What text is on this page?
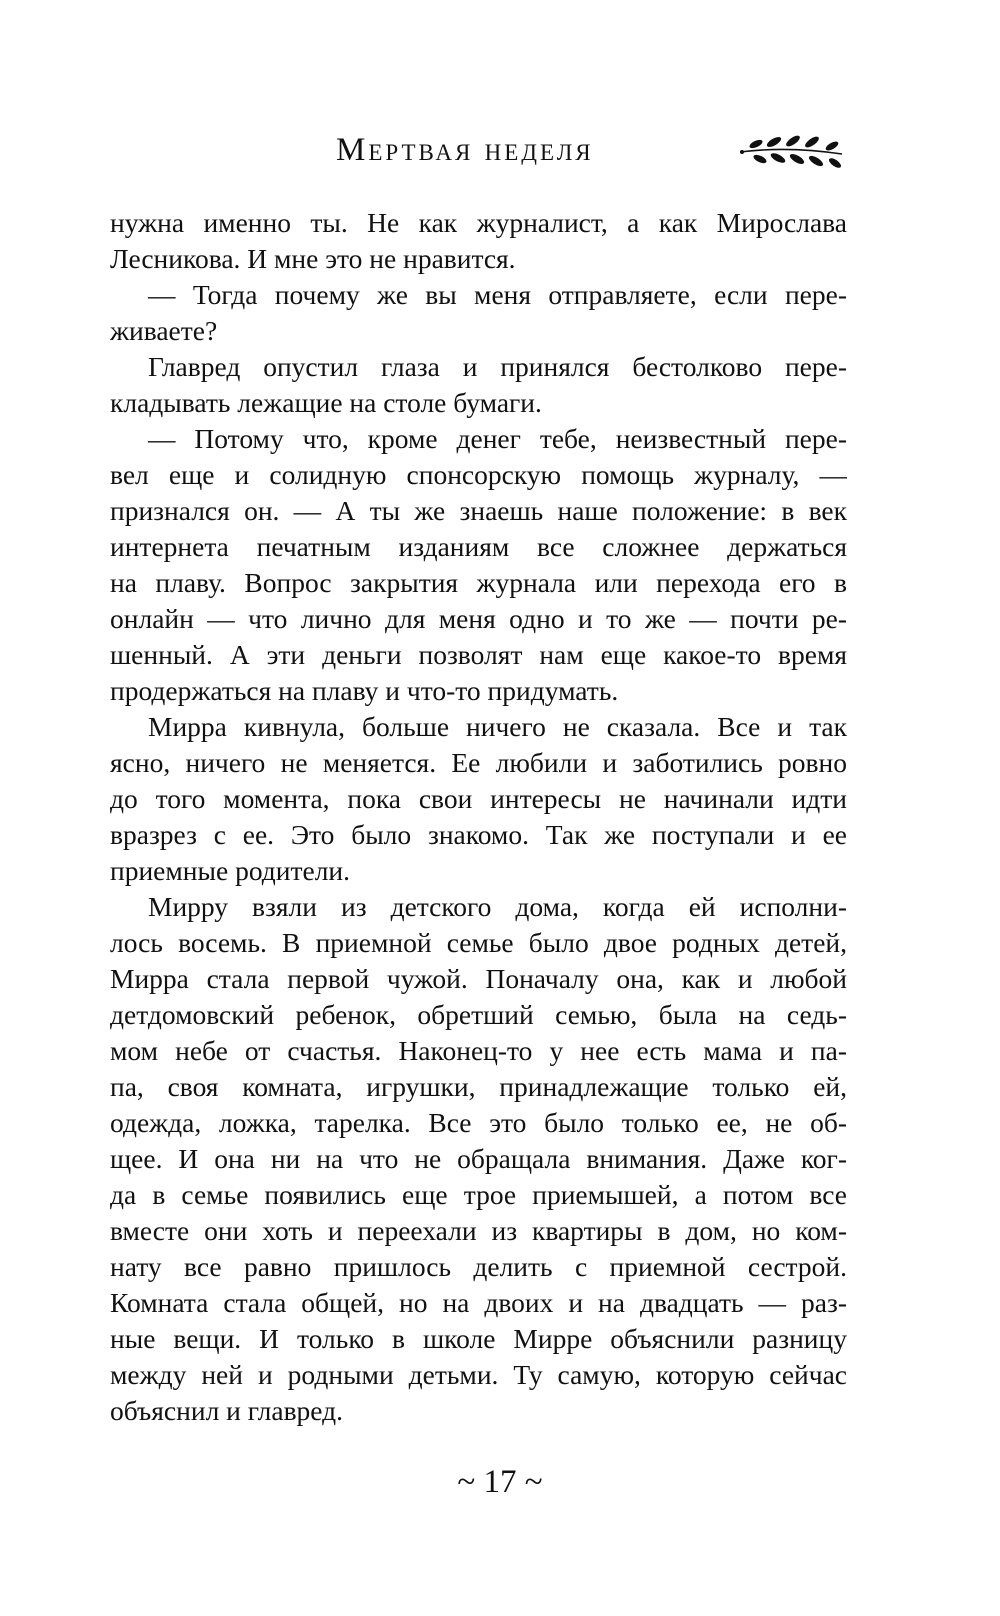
Мертвая неделя
нужна именно ты. Не как журналист, а как Мирослава
Лесникова. И мне это не нравится.
— Тогда почему же вы меня отправляете, если пере-
живаете?
Главред опустил глаза и принялся бестолково пере-
кладывать лежащие на столе бумаги.
— Потому что, кроме денег тебе, неизвестный пере-
вел еще и солидную спонсорскую помощь журналу, —
признался он. — А ты же знаешь наше положение: в век
интернета печатным изданиям все сложнее держаться
на плаву. Вопрос закрытия журнала или перехода его в
онлайн — что лично для меня одно и то же — почти ре-
шенный. А эти деньги позволят нам еще какое-то время
продержаться на плаву и что-то придумать.
Мирра кивнула, больше ничего не сказала. Все и так
ясно, ничего не меняется. Ее любили и заботились ровно
до того момента, пока свои интересы не начинали идти
вразрез с ее. Это было знакомо. Так же поступали и ее
приемные родители.
Мирру взяли из детского дома, когда ей исполни-
лось восемь. В приемной семье было двое родных детей,
Мирра стала первой чужой. Поначалу она, как и любой
детдомовский ребенок, обретший семью, была на седь-
мом небе от счастья. Наконец-то у нее есть мама и па-
па, своя комната, игрушки, принадлежащие только ей,
одежда, ложка, тарелка. Все это было только ее, не об-
щее. И она ни на что не обращала внимания. Даже ког-
да в семье появились еще трое приемышей, а потом все
вместе они хоть и переехали из квартиры в дом, но ком-
нату все равно пришлось делить с приемной сестрой.
Комната стала общей, но на двоих и на двадцать — раз-
ные вещи. И только в школе Мирре объяснили разницу
между ней и родными детьми. Ту самую, которую сейчас
объяснил и главред.
~ 17 ~
